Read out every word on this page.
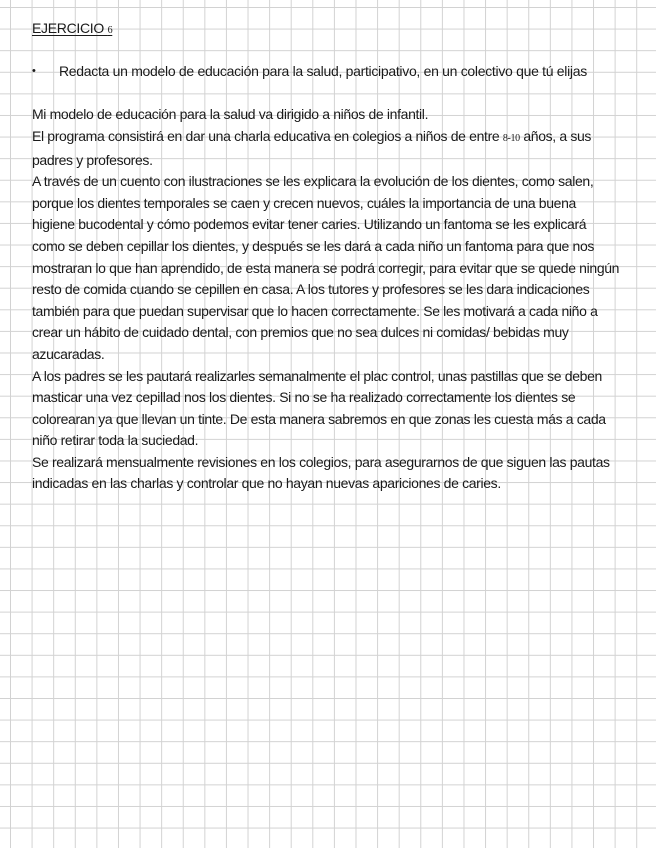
EJERCICIO 6
•	Redacta un modelo de educación para la salud, participativo, en un colectivo que tú elijas

Mi modelo de educación para la salud va dirigido a niños de infantil.

El programa consistirá en dar una charla educativa en colegios a niños de entre 8-10 años, a sus padres y profesores.

A través de un cuento con ilustraciones se les explicara la evolución de los dientes, como salen, porque los dientes temporales se caen y crecen nuevos, cuáles la importancia de una buena higiene bucodental y cómo podemos evitar tener caries. Utilizando un fantoma se les explicará como se deben cepillar los dientes, y después se les dará a cada niño un fantoma para que nos mostraran lo que han aprendido, de esta manera se podrá corregir, para evitar que se quede ningún resto de comida cuando se cepillen en casa. A los tutores y profesores se les dara indicaciones también para que puedan supervisar que lo hacen correctamente. Se les motivará a cada niño a crear un hábito de cuidado dental, con premios que no sea dulces ni comidas/ bebidas muy azucaradas.

A los padres se les pautará realizarles semanalmente el plac control, unas pastillas que se deben masticar una vez cepillad nos los dientes. Si no se ha realizado correctamente los dientes se colorearan ya que llevan un tinte. De esta manera sabremos en que zonas les cuesta más a cada niño retirar toda la suciedad.

Se realizará mensualmente revisiones en los colegios, para asegurarnos de que siguen las pautas indicadas en las charlas y controlar que no hayan nuevas apariciones de caries.
